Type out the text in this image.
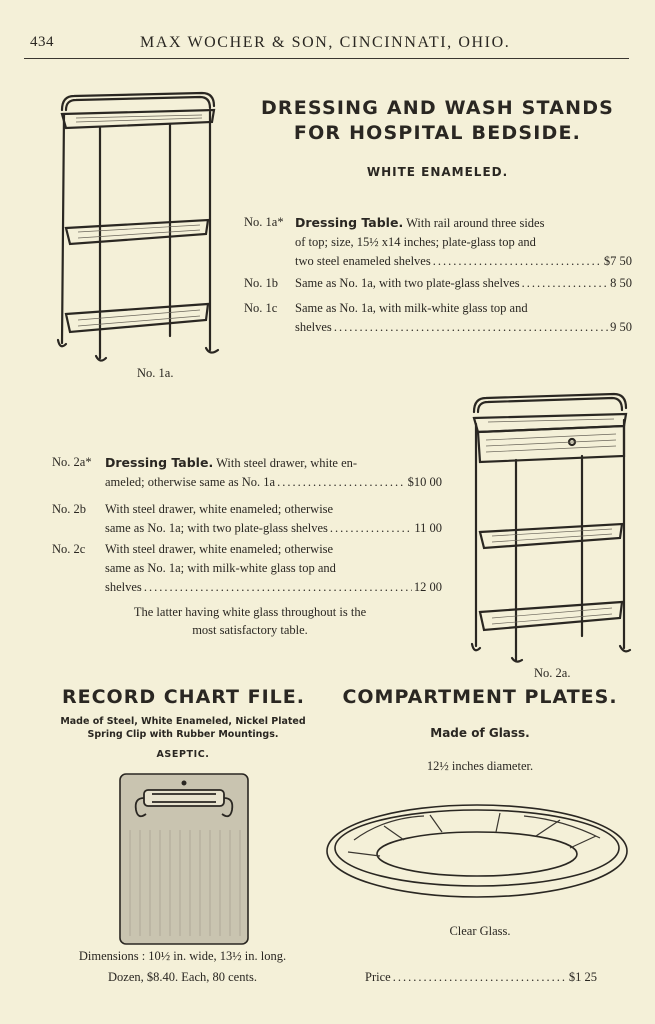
434	MAX WOCHER & SON, CINCINNATI, OHIO.
DRESSING AND WASH STANDS
FOR HOSPITAL BEDSIDE.
WHITE ENAMELED.
No. 1a* Dressing Table. With rail around three sides
of top; size, 15½ x14 inches; plate-glass top and
two steel enameled shelves .....	$7 50
No. 1b Same as No. 1a, with two plate-glass shelves .....	8 50
No. 1c Same as No. 1a, with milk-white glass top and
shelves .....	9 50
No. 1a.
No. 2a* Dressing Table. With steel drawer, white en-
ameled; otherwise same as No. 1a .....	$10 00
No. 2b With steel drawer, white enameled; otherwise
same as No. 1a; with two plate-glass shelves .....	11 00
No. 2c With steel drawer, white enameled; otherwise
same as No. 1a; with milk-white glass top and
shelves .....	12 00
The latter having white glass throughout is the
most satisfactory table.
No. 2a.
RECORD CHART FILE.
Made of Steel, White Enameled, Nickel Plated
Spring Clip with Rubber Mountings.
ASEPTIC.
Dimensions : 10½ in. wide, 13½ in. long.
Dozen, $8.40. Each, 80 cents.
COMPARTMENT PLATES.
Made of Glass.
12½ inches diameter.
Clear Glass.
Price .....	$1 25
